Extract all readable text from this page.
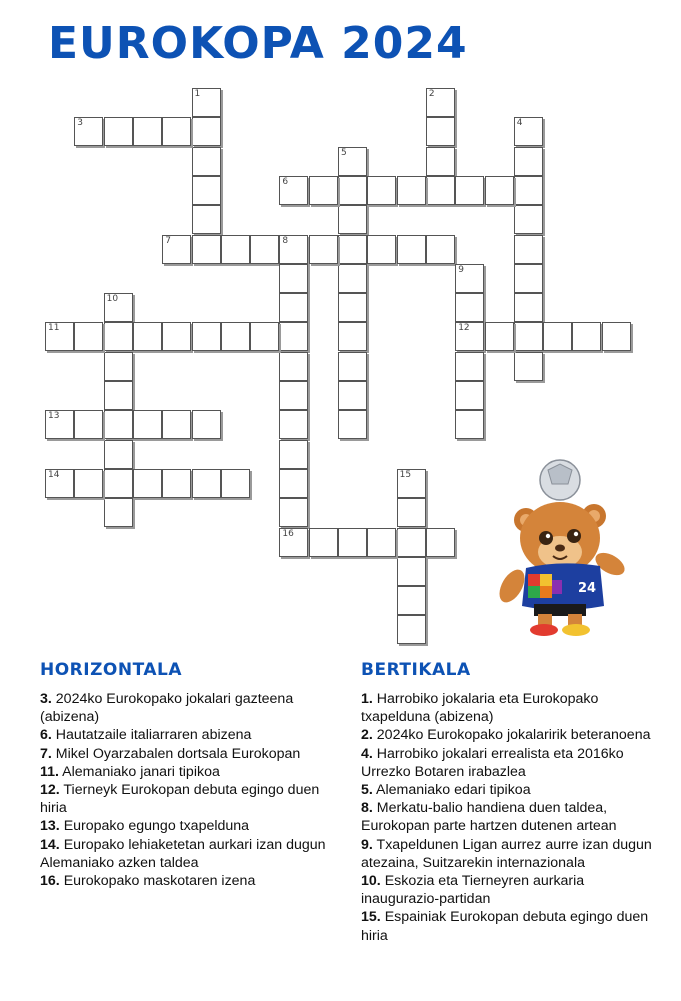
EUROKOPA 2024
1	2
3	4
5
6
7	8
16
9
12
10
11
13
14	15
24
HORIZONTALA	BERTIKALA
3. 2024ko Eurokopako jokalari gazteena (abizena)
6. Hautatzaile italiarraren abizena
7. Mikel Oyarzabalen dortsala Eurokopan
11. Alemaniako janari tipikoa
12. Tierneyk Eurokopan debuta egingo duen hiria
13. Europako egungo txapelduna
14. Europako lehiaketetan aurkari izan dugun Alemaniako azken taldea
16. Eurokopako maskotaren izena
1. Harrobiko jokalaria eta Eurokopako txapelduna (abizena)
2. 2024ko Eurokopako jokalaririk beteranoena
4. Harrobiko jokalari errealista eta 2016ko Urrezko Botaren irabazlea
5. Alemaniako edari tipikoa
8. Merkatu-balio handiena duen taldea, Eurokopan parte hartzen dutenen artean
9. Txapeldunen Ligan aurrez aurre izan dugun atezaina, Suitzarekin internazionala
10. Eskozia eta Tierneyren aurkaria inaugurazio-partidan
15. Espainiak Eurokopan debuta egingo duen hiria
